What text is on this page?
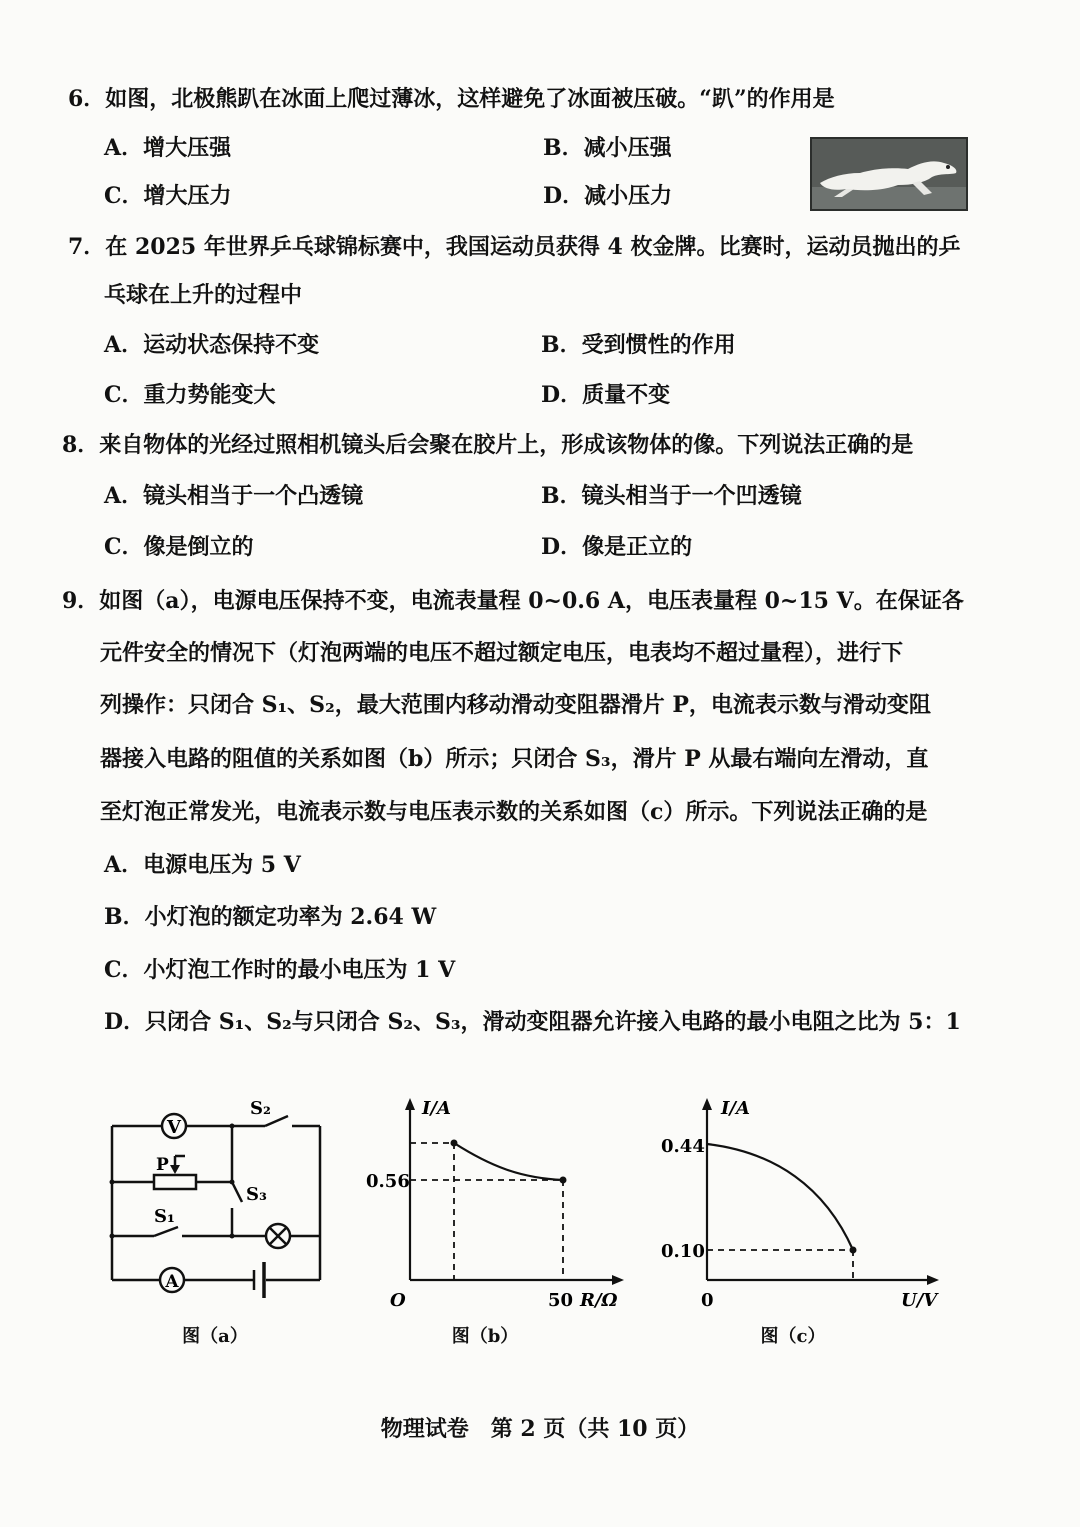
6．如图，北极熊趴在冰面上爬过薄冰，这样避免了冰面被压破。“趴”的作用是
A．增大压强	B．减小压强
C．增大压力	D．减小压力
7．在 2025 年世界乒乓球锦标赛中，我国运动员获得 4 枚金牌。比赛时，运动员抛出的乒
乓球在上升的过程中
A．运动状态保持不变	B．受到惯性的作用
C．重力势能变大	D．质量不变
8．来自物体的光经过照相机镜头后会聚在胶片上，形成该物体的像。下列说法正确的是
A．镜头相当于一个凸透镜	B．镜头相当于一个凹透镜
C．像是倒立的	D．像是正立的
9．如图（a），电源电压保持不变，电流表量程 0~0.6 A，电压表量程 0~15 V。在保证各
元件安全的情况下（灯泡两端的电压不超过额定电压，电表均不超过量程），进行下
列操作：只闭合 S₁、S₂，最大范围内移动滑动变阻器滑片 P，电流表示数与滑动变阻
器接入电路的阻值的关系如图（b）所示；只闭合 S₃，滑片 P 从最右端向左滑动，直
至灯泡正常发光，电流表示数与电压表示数的关系如图（c）所示。下列说法正确的是
A．电源电压为 5 V
B．小灯泡的额定功率为 2.64 W
C．小灯泡工作时的最小电压为 1 V
D．只闭合 S₁、S₂与只闭合 S₂、S₃，滑动变阻器允许接入电路的最小电阻之比为 5：1
V
A
S₂
S₃
S₁
P
图（a）
I/A
0.56
O	50 R/Ω
图（b）
I/A
0.44
0.10
0	U/V
图（c）
物理试卷　第 2 页（共 10 页）
